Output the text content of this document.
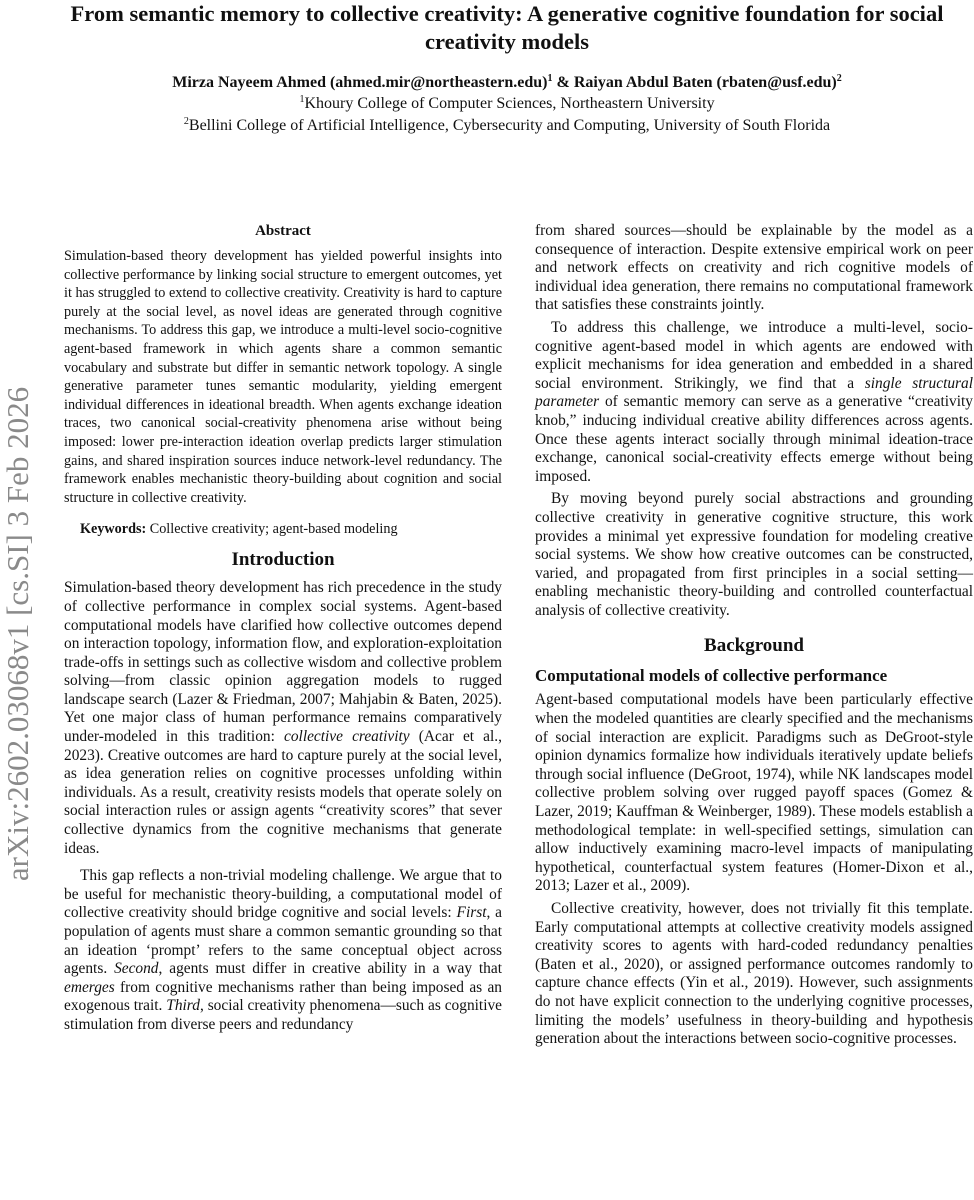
arXiv:2602.03068v1 [cs.SI] 3 Feb 2026
From semantic memory to collective creativity: A generative cognitive foundation for social creativity models
Mirza Nayeem Ahmed (ahmed.mir@northeastern.edu)$^1$ & Raiyan Abdul Baten (rbaten@usf.edu)$^2$
$^1$Khoury College of Computer Sciences, Northeastern University
$^2$Bellini College of Artificial Intelligence, Cybersecurity and Computing, University of South Florida
Abstract

Simulation-based theory development has yielded powerful insights into collective performance by linking social structure to emergent outcomes, yet it has struggled to extend to collective creativity. Creativity is hard to capture purely at the social level, as novel ideas are generated through cognitive mechanisms. To address this gap, we introduce a multi-level socio-cognitive agent-based framework in which agents share a common semantic vocabulary and substrate but differ in semantic network topology. A single generative parameter tunes semantic modularity, yielding emergent individual differences in ideational breadth. When agents exchange ideation traces, two canonical social-creativity phenomena arise without being imposed: lower pre-interaction ideation overlap predicts larger stimulation gains, and shared inspiration sources induce network-level redundancy. The framework enables mechanistic theory-building about cognition and social structure in collective creativity.

Keywords: Collective creativity; agent-based modeling
Introduction

Simulation-based theory development has rich precedence in the study of collective performance in complex social systems. Agent-based computational models have clarified how collective outcomes depend on interaction topology, information flow, and exploration-exploitation trade-offs in settings such as collective wisdom and collective problem solving—from classic opinion aggregation models to rugged landscape search (Lazer & Friedman, 2007; Mahjabin & Baten, 2025). Yet one major class of human performance remains comparatively under-modeled in this tradition: collective creativity (Acar et al., 2023). Creative outcomes are hard to capture purely at the social level, as idea generation relies on cognitive processes unfolding within individuals. As a result, creativity resists models that operate solely on social interaction rules or assign agents “creativity scores” that sever collective dynamics from the cognitive mechanisms that generate ideas.

This gap reflects a non-trivial modeling challenge. We argue that to be useful for mechanistic theory-building, a computational model of collective creativity should bridge cognitive and social levels: First, a population of agents must share a common semantic grounding so that an ideation ‘prompt’ refers to the same conceptual object across agents. Second, agents must differ in creative ability in a way that emerges from cognitive mechanisms rather than being imposed as an exogenous trait. Third, social creativity phenomena—such as cognitive stimulation from diverse peers and redundancy

from shared sources—should be explainable by the model as a consequence of interaction. Despite extensive empirical work on peer and network effects on creativity and rich cognitive models of individual idea generation, there remains no computational framework that satisfies these constraints jointly.

To address this challenge, we introduce a multi-level, socio-cognitive agent-based model in which agents are endowed with explicit mechanisms for idea generation and embedded in a shared social environment. Strikingly, we find that a single structural parameter of semantic memory can serve as a generative “creativity knob,” inducing individual creative ability differences across agents. Once these agents interact socially through minimal ideation-trace exchange, canonical social-creativity effects emerge without being imposed.

By moving beyond purely social abstractions and grounding collective creativity in generative cognitive structure, this work provides a minimal yet expressive foundation for modeling creative social systems. We show how creative outcomes can be constructed, varied, and propagated from first principles in a social setting—enabling mechanistic theory-building and controlled counterfactual analysis of collective creativity.

Background
Computational models of collective performance

Agent-based computational models have been particularly effective when the modeled quantities are clearly specified and the mechanisms of social interaction are explicit. Paradigms such as DeGroot-style opinion dynamics formalize how individuals iteratively update beliefs through social influence (DeGroot, 1974), while NK landscapes model collective problem solving over rugged payoff spaces (Gomez & Lazer, 2019; Kauffman & Weinberger, 1989). These models establish a methodological template: in well-specified settings, simulation can allow inductively examining macro-level impacts of manipulating hypothetical, counterfactual system features (Homer-Dixon et al., 2013; Lazer et al., 2009).

Collective creativity, however, does not trivially fit this template. Early computational attempts at collective creativity models assigned creativity scores to agents with hard-coded redundancy penalties (Baten et al., 2020), or assigned performance outcomes randomly to capture chance effects (Yin et al., 2019). However, such assignments do not have explicit connection to the underlying cognitive processes, limiting the models’ usefulness in theory-building and hypothesis generation about the interactions between socio-cognitive processes.
